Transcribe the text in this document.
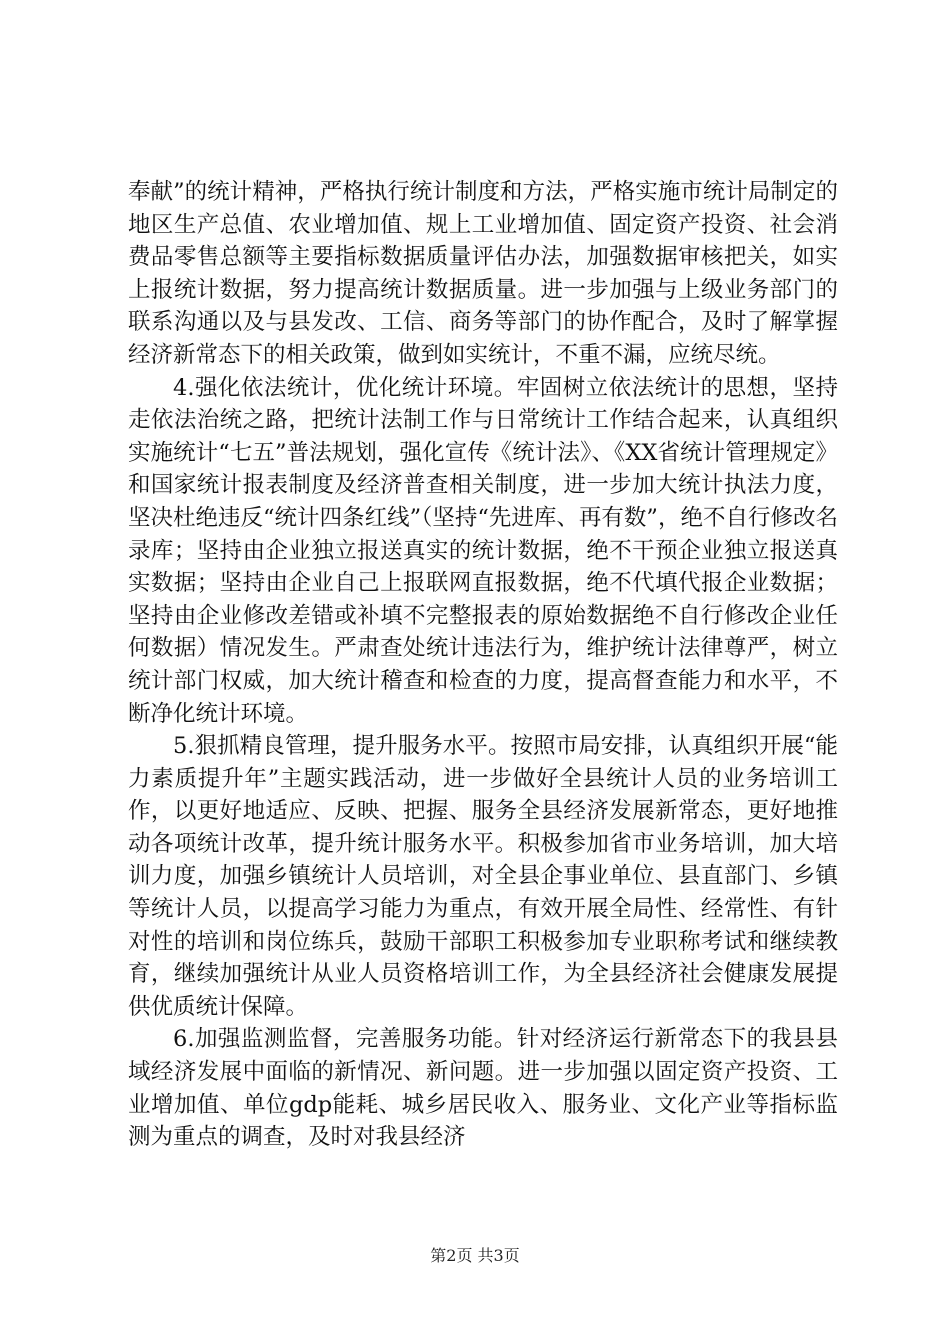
奉献”的统计精神，严格执行统计制度和方法，严格实施市统计局制定的地区生产总值、农业增加值、规上工业增加值、固定资产投资、社会消费品零售总额等主要指标数据质量评估办法，加强数据审核把关，如实上报统计数据，努力提高统计数据质量。进一步加强与上级业务部门的联系沟通以及与县发改、工信、商务等部门的协作配合，及时了解掌握经济新常态下的相关政策，做到如实统计，不重不漏，应统尽统。

4.强化依法统计，优化统计环境。牢固树立依法统计的思想，坚持走依法治统之路，把统计法制工作与日常统计工作结合起来，认真组织实施统计“七五”普法规划，强化宣传《统计法》、《XX省统计管理规定》和国家统计报表制度及经济普查相关制度，进一步加大统计执法力度，坚决杜绝违反“统计四条红线”（坚持“先进库、再有数”，绝不自行修改名录库；坚持由企业独立报送真实的统计数据，绝不干预企业独立报送真实数据；坚持由企业自己上报联网直报数据，绝不代填代报企业数据；坚持由企业修改差错或补填不完整报表的原始数据绝不自行修改企业任何数据）情况发生。严肃查处统计违法行为，维护统计法律尊严，树立统计部门权威，加大统计稽查和检查的力度，提高督查能力和水平，不断净化统计环境。

5.狠抓精良管理，提升服务水平。按照市局安排，认真组织开展“能力素质提升年”主题实践活动，进一步做好全县统计人员的业务培训工作，以更好地适应、反映、把握、服务全县经济发展新常态，更好地推动各项统计改革，提升统计服务水平。积极参加省市业务培训，加大培训力度，加强乡镇统计人员培训，对全县企事业单位、县直部门、乡镇等统计人员，以提高学习能力为重点，有效开展全局性、经常性、有针对性的培训和岗位练兵，鼓励干部职工积极参加专业职称考试和继续教育，继续加强统计从业人员资格培训工作，为全县经济社会健康发展提供优质统计保障。

6.加强监测监督，完善服务功能。针对经济运行新常态下的我县县域经济发展中面临的新情况、新问题。进一步加强以固定资产投资、工业增加值、单位gdp能耗、城乡居民收入、服务业、文化产业等指标监测为重点的调查，及时对我县经济

第2页 共3页
